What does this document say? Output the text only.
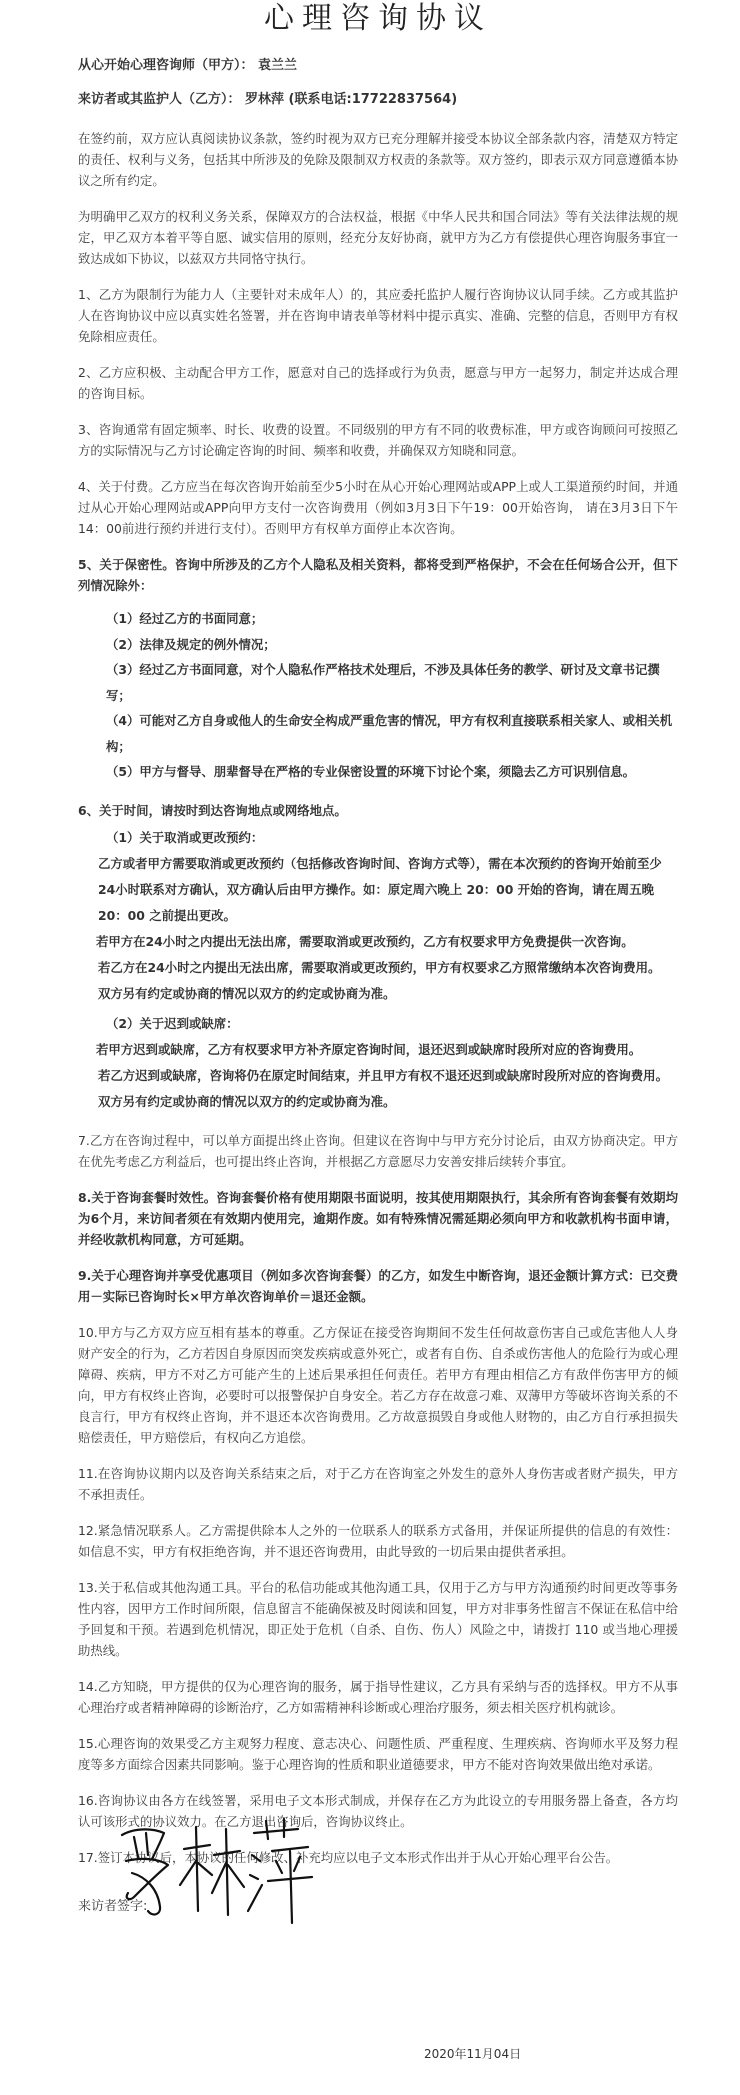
心理咨询协议
从心开始心理咨询师（甲方）： 袁兰兰
来访者或其监护人（乙方）： 罗林萍 (联系电话:17722837564)

在签约前，双方应认真阅读协议条款，签约时视为双方已充分理解并接受本协议全部条款内容，清楚双方特定的责任、权利与义务，包括其中所涉及的免除及限制双方权责的条款等。双方签约，即表示双方同意遵循本协议之所有约定。

为明确甲乙双方的权利义务关系，保障双方的合法权益，根据《中华人民共和国合同法》等有关法律法规的规定，甲乙双方本着平等自愿、诚实信用的原则，经充分友好协商，就甲方为乙方有偿提供心理咨询服务事宜一致达成如下协议，以兹双方共同恪守执行。

1、乙方为限制行为能力人（主要针对未成年人）的，其应委托监护人履行咨询协议认同手续。乙方或其监护人在咨询协议中应以真实姓名签署，并在咨询申请表单等材料中提示真实、准确、完整的信息，否则甲方有权免除相应责任。

2、乙方应积极、主动配合甲方工作，愿意对自己的选择或行为负责，愿意与甲方一起努力，制定并达成合理的咨询目标。

3、咨询通常有固定频率、时长、收费的设置。不同级别的甲方有不同的收费标准，甲方或咨询顾问可按照乙方的实际情况与乙方讨论确定咨询的时间、频率和收费，并确保双方知晓和同意。

4、关于付费。乙方应当在每次咨询开始前至少5小时在从心开始心理网站或APP上或人工渠道预约时间，并通过从心开始心理网站或APP向甲方支付一次咨询费用（例如3月3日下午19：00开始咨询， 请在3月3日下午14：00前进行预约并进行支付）。否则甲方有权单方面停止本次咨询。

5、关于保密性。咨询中所涉及的乙方个人隐私及相关资料，都将受到严格保护，不会在任何场合公开，但下列情况除外：

（1）经过乙方的书面同意；
（2）法律及规定的例外情况；
（3）经过乙方书面同意，对个人隐私作严格技术处理后，不涉及具体任务的教学、研讨及文章书记撰写；
（4）可能对乙方自身或他人的生命安全构成严重危害的情况，甲方有权利直接联系相关家人、或相关机构；
（5）甲方与督导、朋辈督导在严格的专业保密设置的环境下讨论个案，须隐去乙方可识别信息。

6、关于时间，请按时到达咨询地点或网络地点。

（1）关于取消或更改预约：
乙方或者甲方需要取消或更改预约（包括修改咨询时间、咨询方式等），需在本次预约的咨询开始前至少24小时联系对方确认，双方确认后由甲方操作。如：原定周六晚上 20：00 开始的咨询，请在周五晚 20：00 之前提出更改。
若甲方在24小时之内提出无法出席，需要取消或更改预约，乙方有权要求甲方免费提供一次咨询。
若乙方在24小时之内提出无法出席，需要取消或更改预约，甲方有权要求乙方照常缴纳本次咨询费用。
双方另有约定或协商的情况以双方的约定或协商为准。
（2）关于迟到或缺席：
若甲方迟到或缺席，乙方有权要求甲方补齐原定咨询时间，退还迟到或缺席时段所对应的咨询费用。
若乙方迟到或缺席，咨询将仍在原定时间结束，并且甲方有权不退还迟到或缺席时段所对应的咨询费用。
双方另有约定或协商的情况以双方的约定或协商为准。

7.乙方在咨询过程中，可以单方面提出终止咨询。但建议在咨询中与甲方充分讨论后，由双方协商决定。甲方在优先考虑乙方利益后，也可提出终止咨询，并根据乙方意愿尽力安善安排后续转介事宜。

8.关于咨询套餐时效性。咨询套餐价格有使用期限书面说明，按其使用期限执行，其余所有咨询套餐有效期均为6个月，来访间者须在有效期内使用完，逾期作废。如有特殊情况需延期必须向甲方和收款机构书面申请，并经收款机构同意，方可延期。

9.关于心理咨询并享受优惠项目（例如多次咨询套餐）的乙方，如发生中断咨询，退还金额计算方式：已交费用－实际已咨询时长×甲方单次咨询单价＝退还金额。

10.甲方与乙方双方应互相有基本的尊重。乙方保证在接受咨询期间不发生任何故意伤害自己或危害他人人身财产安全的行为，乙方若因自身原因而突发疾病或意外死亡，或者有自伤、自杀或伤害他人的危险行为或心理障碍、疾病，甲方不对乙方可能产生的上述后果承担任何责任。若甲方有理由相信乙方有敌伴伤害甲方的倾向，甲方有权终止咨询，必要时可以报警保护自身安全。若乙方存在故意刁难、双薄甲方等破坏咨询关系的不良言行，甲方有权终止咨询，并不退还本次咨询费用。乙方故意损毁自身或他人财物的，由乙方自行承担损失赔偿责任，甲方赔偿后，有权向乙方追偿。

11.在咨询协议期内以及咨询关系结束之后，对于乙方在咨询室之外发生的意外人身伤害或者财产损失，甲方不承担责任。

12.紧急情况联系人。乙方需提供除本人之外的一位联系人的联系方式备用，并保证所提供的信息的有效性：如信息不实，甲方有权拒绝咨询，并不退还咨询费用，由此导致的一切后果由提供者承担。

13.关于私信或其他沟通工具。平台的私信功能或其他沟通工具，仅用于乙方与甲方沟通预约时间更改等事务性内容，因甲方工作时间所限，信息留言不能确保被及时阅读和回复，甲方对非事务性留言不保证在私信中给予回复和干预。若遇到危机情况，即正处于危机（自杀、自伤、伤人）风险之中，请拨打 110 或当地心理援助热线。

14.乙方知晓，甲方提供的仅为心理咨询的服务，属于指导性建议，乙方具有采纳与否的选择权。甲方不从事心理治疗或者精神障碍的诊断治疗，乙方如需精神科诊断或心理治疗服务，须去相关医疗机构就诊。

15.心理咨询的效果受乙方主观努力程度、意志决心、问题性质、严重程度、生理疾病、咨询师水平及努力程度等多方面综合因素共同影响。鉴于心理咨询的性质和职业道德要求，甲方不能对咨询效果做出绝对承诺。

16.咨询协议由各方在线签署，采用电子文本形式制成，并保存在乙方为此设立的专用服务器上备查，各方均认可该形式的协议效力。在乙方退出咨询后，咨询协议终止。

17.签订本协议后，本协议的任何修改、补充均应以电子文本形式作出并于从心开始心理平台公告。

来访者签字:
2020年11月04日
